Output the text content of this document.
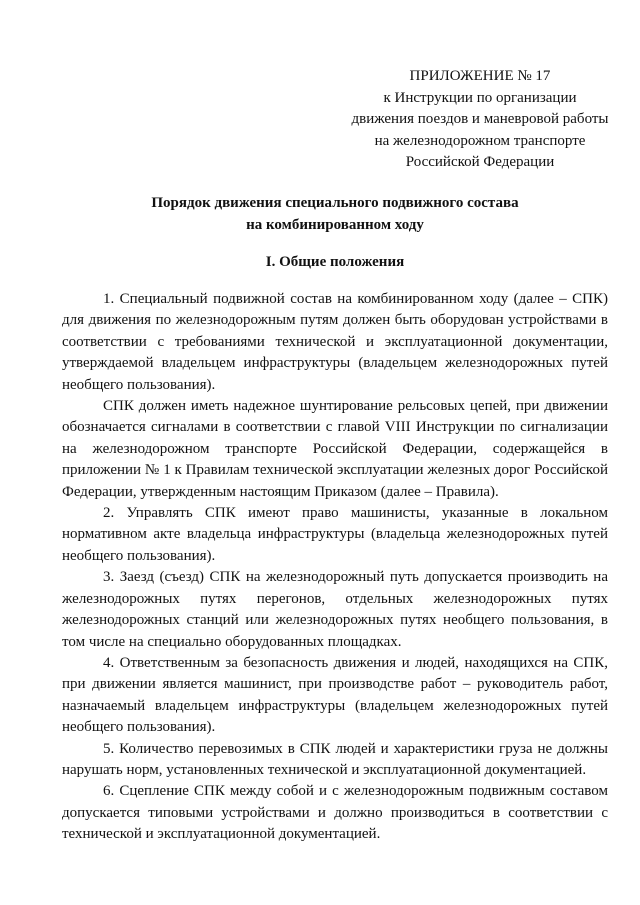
ПРИЛОЖЕНИЕ № 17
к Инструкции по организации
движения поездов и маневровой работы
на железнодорожном транспорте
Российской Федерации
Порядок движения специального подвижного состава
на комбинированном ходу
I. Общие положения

1. Специальный подвижной состав на комбинированном ходу (далее – СПК) для движения по железнодорожным путям должен быть оборудован устройствами в соответствии с требованиями технической и эксплуатационной документации, утверждаемой владельцем инфраструктуры (владельцем железнодорожных путей необщего пользования).

СПК должен иметь надежное шунтирование рельсовых цепей, при движении обозначается сигналами в соответствии с главой VIII Инструкции по сигнализации на железнодорожном транспорте Российской Федерации, содержащейся в приложении № 1 к Правилам технической эксплуатации железных дорог Российской Федерации, утвержденным настоящим Приказом (далее – Правила).

2. Управлять СПК имеют право машинисты, указанные в локальном нормативном акте владельца инфраструктуры (владельца железнодорожных путей необщего пользования).

3. Заезд (съезд) СПК на железнодорожный путь допускается производить на железнодорожных путях перегонов, отдельных железнодорожных путях железнодорожных станций или железнодорожных путях необщего пользования, в том числе на специально оборудованных площадках.

4. Ответственным за безопасность движения и людей, находящихся на СПК, при движении является машинист, при производстве работ – руководитель работ, назначаемый владельцем инфраструктуры (владельцем железнодорожных путей необщего пользования).

5. Количество перевозимых в СПК людей и характеристики груза не должны нарушать норм, установленных технической и эксплуатационной документацией.

6. Сцепление СПК между собой и с железнодорожным подвижным составом допускается типовыми устройствами и должно производиться в соответствии с технической и эксплуатационной документацией.
